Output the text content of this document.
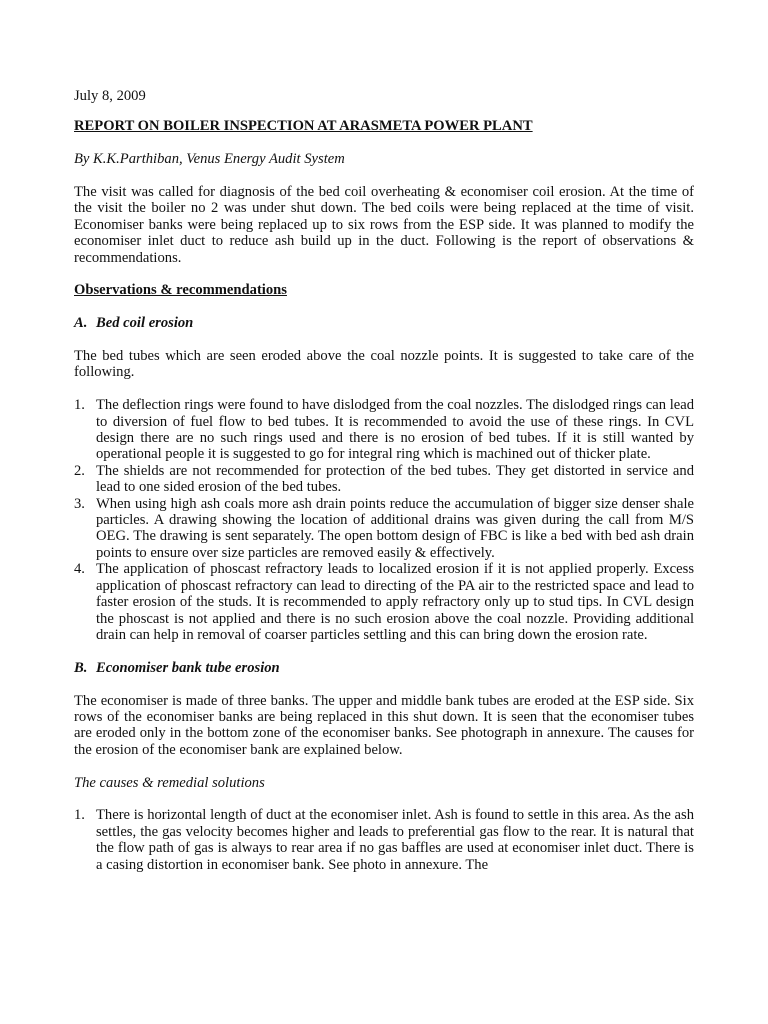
July 8, 2009

REPORT ON BOILER INSPECTION AT ARASMETA POWER PLANT

By K.K.Parthiban, Venus Energy Audit System

The visit was called for diagnosis of the bed coil overheating & economiser coil erosion. At the time of the visit the boiler no 2 was under shut down. The bed coils were being replaced at the time of visit. Economiser banks were being replaced up to six rows from the ESP side. It was planned to modify the economiser inlet duct to reduce ash build up in the duct. Following is the report of observations & recommendations.

Observations & recommendations

A. Bed coil erosion

The bed tubes which are seen eroded above the coal nozzle points. It is suggested to take care of the following.

1. The deflection rings were found to have dislodged from the coal nozzles. The dislodged rings can lead to diversion of fuel flow to bed tubes. It is recommended to avoid the use of these rings. In CVL design there are no such rings used and there is no erosion of bed tubes. If it is still wanted by operational people it is suggested to go for integral ring which is machined out of thicker plate.
2. The shields are not recommended for protection of the bed tubes. They get distorted in service and lead to one sided erosion of the bed tubes.
3. When using high ash coals more ash drain points reduce the accumulation of bigger size denser shale particles. A drawing showing the location of additional drains was given during the call from M/S OEG. The drawing is sent separately. The open bottom design of FBC is like a bed with bed ash drain points to ensure over size particles are removed easily & effectively.
4. The application of phoscast refractory leads to localized erosion if it is not applied properly. Excess application of phoscast refractory can lead to directing of the PA air to the restricted space and lead to faster erosion of the studs. It is recommended to apply refractory only up to stud tips. In CVL design the phoscast is not applied and there is no such erosion above the coal nozzle. Providing additional drain can help in removal of coarser particles settling and this can bring down the erosion rate.
B. Economiser bank tube erosion

The economiser is made of three banks. The upper and middle bank tubes are eroded at the ESP side. Six rows of the economiser banks are being replaced in this shut down. It is seen that the economiser tubes are eroded only in the bottom zone of the economiser banks. See photograph in annexure. The causes for the erosion of the economiser bank are explained below.

The causes & remedial solutions

1. There is horizontal length of duct at the economiser inlet. Ash is found to settle in this area. As the ash settles, the gas velocity becomes higher and leads to preferential gas flow to the rear. It is natural that the flow path of gas is always to rear area if no gas baffles are used at economiser inlet duct. There is a casing distortion in economiser bank. See photo in annexure. The
